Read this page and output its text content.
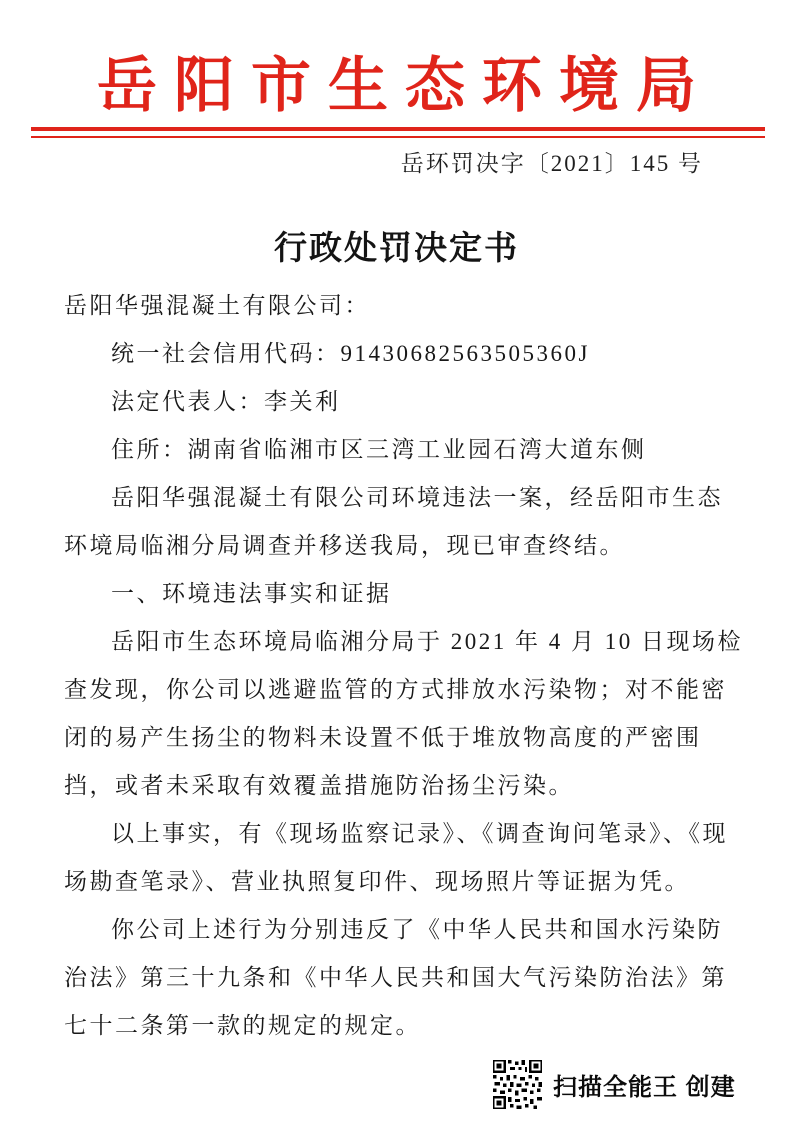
岳阳市生态环境局
岳环罚决字〔2021〕145 号
行政处罚决定书
岳阳华强混凝土有限公司：
统一社会信用代码：91430682563505360J
法定代表人：李关利
住所：湖南省临湘市区三湾工业园石湾大道东侧
岳阳华强混凝土有限公司环境违法一案，经岳阳市生态
环境局临湘分局调查并移送我局，现已审查终结。
一、环境违法事实和证据
岳阳市生态环境局临湘分局于 2021 年 4 月 10 日现场检
查发现，你公司以逃避监管的方式排放水污染物；对不能密
闭的易产生扬尘的物料未设置不低于堆放物高度的严密围
挡，或者未采取有效覆盖措施防治扬尘污染。
以上事实，有《现场监察记录》、《调查询问笔录》、《现
场勘查笔录》、营业执照复印件、现场照片等证据为凭。
你公司上述行为分别违反了《中华人民共和国水污染防
治法》第三十九条和《中华人民共和国大气污染防治法》第
七十二条第一款的规定的规定。
扫描全能王 创建
